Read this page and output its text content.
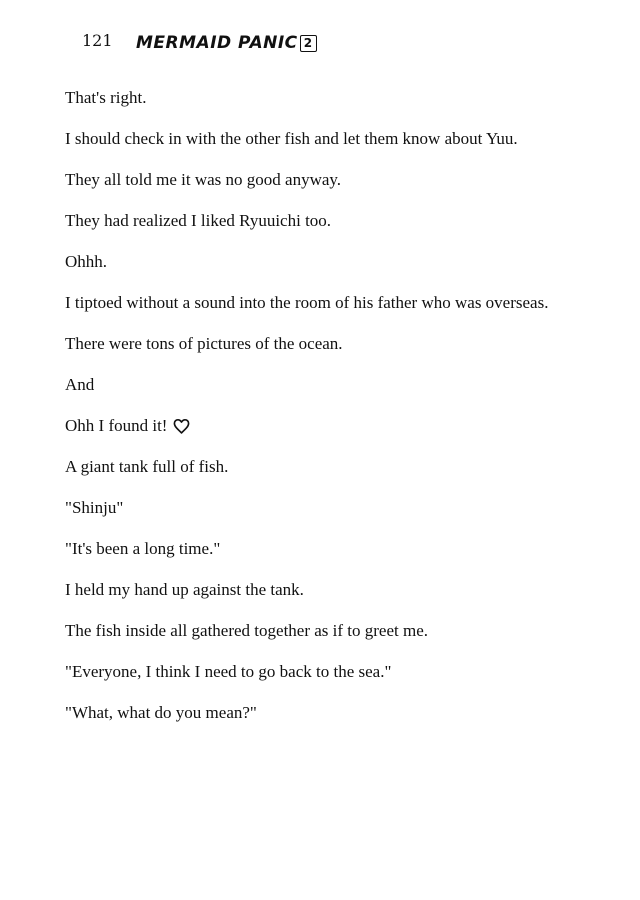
121 MERMAID PANIC 2
That's right.
I should check in with the other fish and let them know about Yuu.
They all told me it was no good anyway.
They had realized I liked Ryuuichi too.
Ohhh.
I tiptoed without a sound into the room of his father who was overseas.
There were tons of pictures of the ocean.
And
Ohh I found it!
A giant tank full of fish.
"Shinju"
"It's been a long time."
I held my hand up against the tank.
The fish inside all gathered together as if to greet me.
"Everyone, I think I need to go back to the sea."
"What, what do you mean?"
